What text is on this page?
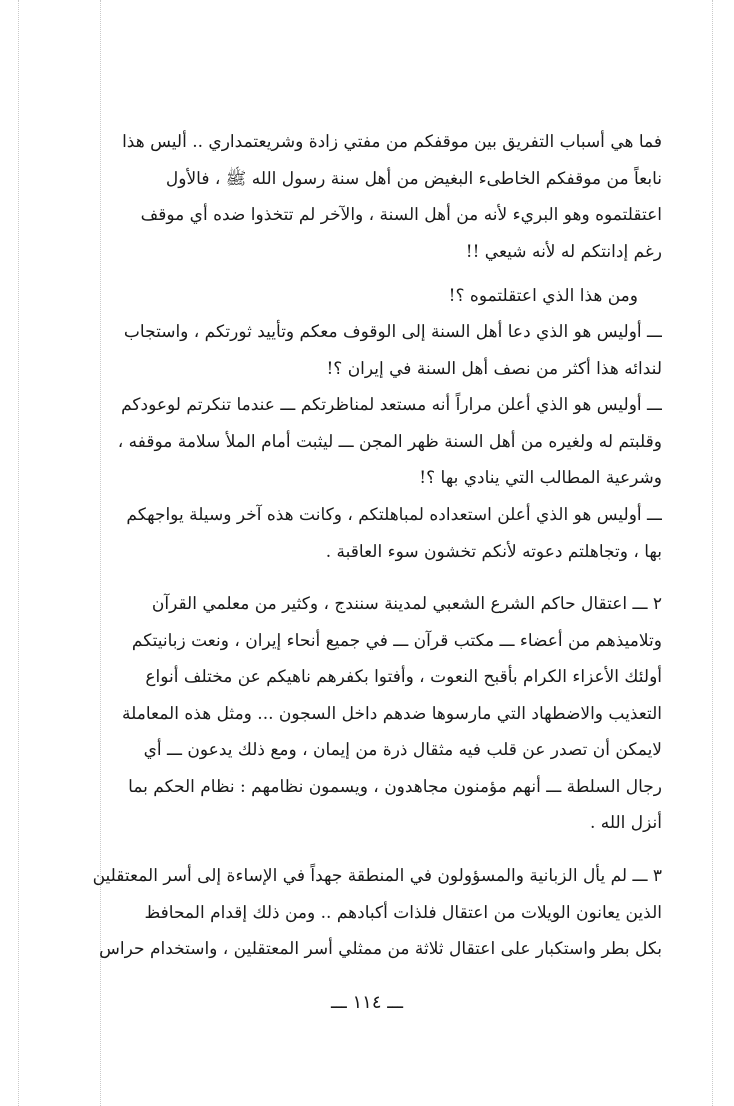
فما هي أسباب التفريق بين موقفكم من مفتي زادة وشريعتمداري .. أليس هذا
نابعاً من موقفكم الخاطىء البغيض من أهل سنة رسول الله ﷺ ، فالأول
اعتقلتموه وهو البريء لأنه من أهل السنة ، والآخر لم تتخذوا ضده أي موقف
رغم إدانتكم له لأنه شيعي !!
ومن هذا الذي اعتقلتموه ؟!
ـــ أوليس هو الذي دعا أهل السنة إلى الوقوف معكم وتأييد ثورتكم ، واستجاب
لندائه هذا أكثر من نصف أهل السنة في إيران ؟!
ـــ أوليس هو الذي أعلن مراراً أنه مستعد لمناظرتكم ـــ عندما تنكرتم لوعودكم
وقلبتم له ولغيره من أهل السنة ظهر المجن ـــ ليثبت أمام الملأ سلامة موقفه ،
وشرعية المطالب التي ينادي بها ؟!
ـــ أوليس هو الذي أعلن استعداده لمباهلتكم ، وكانت هذه آخر وسيلة يواجهكم
بها ، وتجاهلتم دعوته لأنكم تخشون سوء العاقبة .
٢ ـــ اعتقال حاكم الشرع الشعبي لمدينة سنندج ، وكثير من معلمي القرآن
وتلاميذهم من أعضاء ـــ مكتب قرآن ـــ في جميع أنحاء إيران ، ونعت زبانيتكم
أولئك الأعزاء الكرام بأقبح النعوت ، وأفتوا بكفرهم ناهيكم عن مختلف أنواع
التعذيب والاضطهاد التي مارسوها ضدهم داخل السجون ... ومثل هذه المعاملة
لايمكن أن تصدر عن قلب فيه مثقال ذرة من إيمان ، ومع ذلك يدعون ـــ أي
رجال السلطة ـــ أنهم مؤمنون مجاهدون ، ويسمون نظامهم : نظام الحكم بما
أنزل الله .
٣ ـــ لم يأل الزبانية والمسؤولون في المنطقة جهداً في الإساءة إلى أسر المعتقلين
الذين يعانون الويلات من اعتقال فلذات أكبادهم .. ومن ذلك إقدام المحافظ
بكل بطر واستكبار على اعتقال ثلاثة من ممثلي أسر المعتقلين ، واستخدام حراس
ـــ ١١٤ ـــ
